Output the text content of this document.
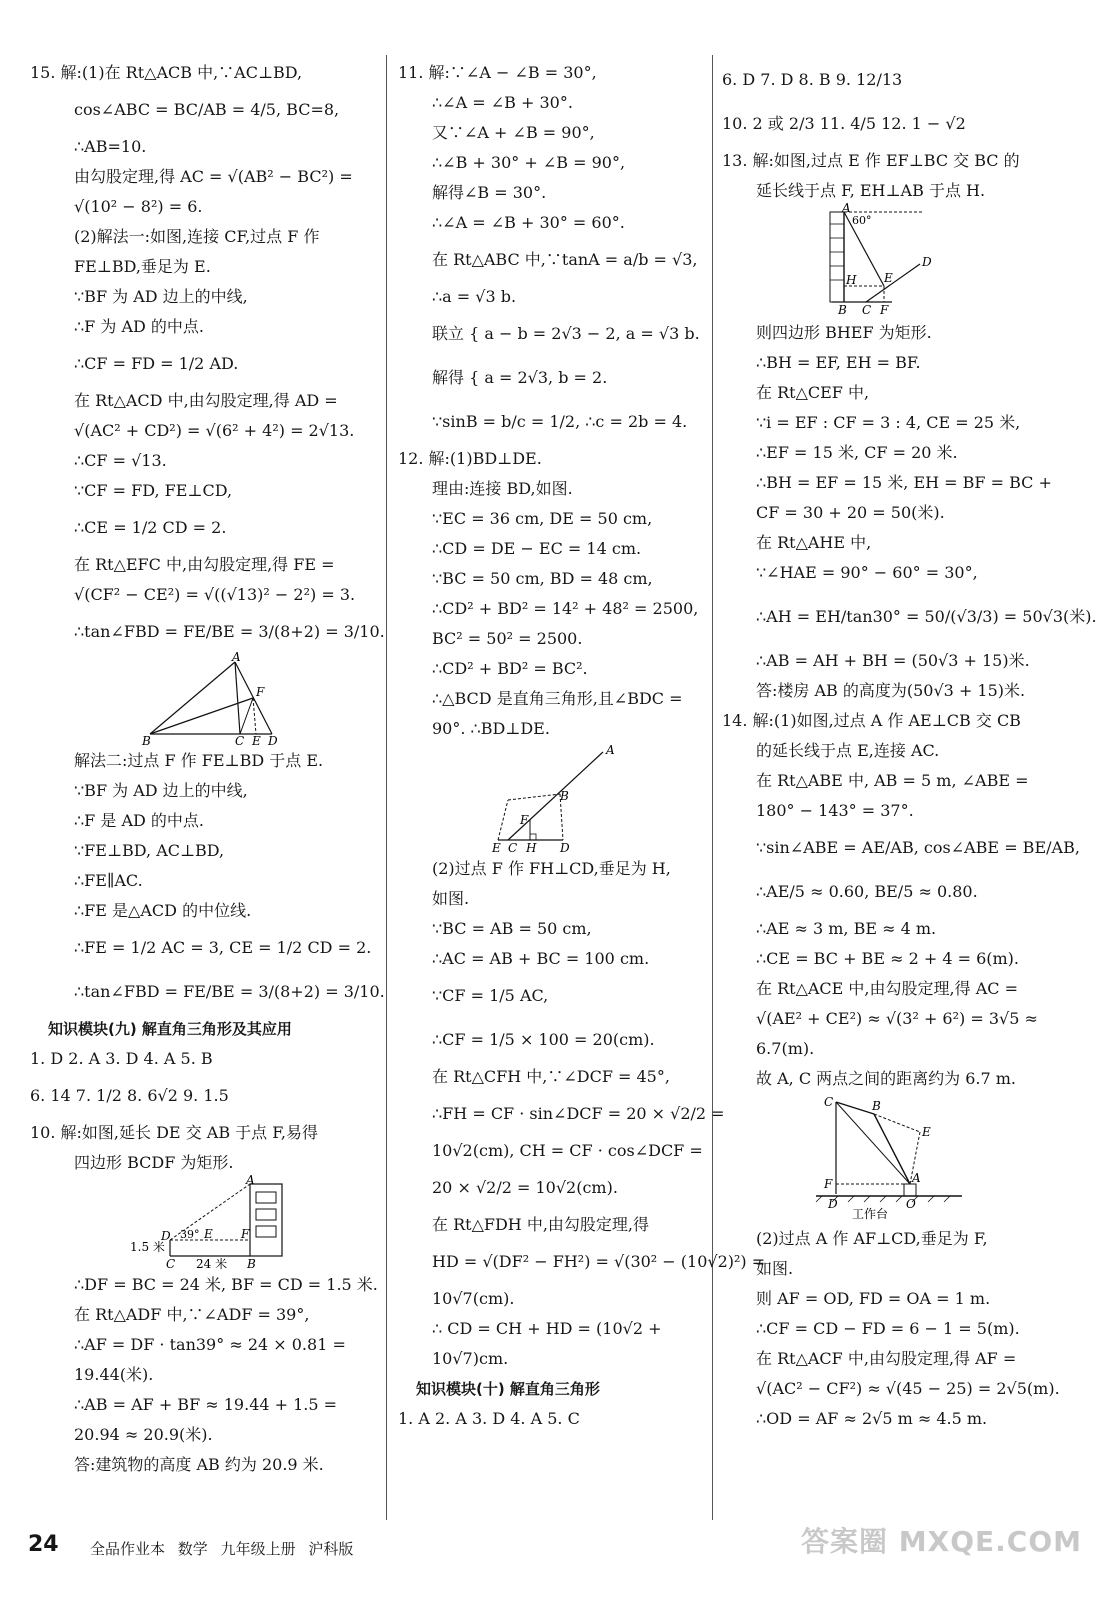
15. 解:(1)在 Rt△ACB 中,∵AC⊥BD,
cos∠ABC = BC/AB = 4/5, BC=8,
∴AB=10.
由勾股定理,得 AC = √(AB² − BC²) =
√(10² − 8²) = 6.
(2)解法一:如图,连接 CF,过点 F 作
FE⊥BD,垂足为 E.
∵BF 为 AD 边上的中线,
∴F 为 AD 的中点.
∴CF = FD = 1/2 AD.
在 Rt△ACD 中,由勾股定理,得 AD =
√(AC² + CD²) = √(6² + 4²) = 2√13.
∴CF = √13.
∵CF = FD, FE⊥CD,
∴CE = 1/2 CD = 2.
在 Rt△EFC 中,由勾股定理,得 FE =
√(CF² − CE²) = √((√13)² − 2²) = 3.
∴tan∠FBD = FE/BE = 3/(8+2) = 3/10.
A
F
B	C E D
解法二:过点 F 作 FE⊥BD 于点 E.
∵BF 为 AD 边上的中线,
∴F 是 AD 的中点.
∵FE⊥BD, AC⊥BD,
∴FE∥AC.
∴FE 是△ACD 的中位线.
∴FE = 1/2 AC = 3, CE = 1/2 CD = 2.
∴tan∠FBD = FE/BE = 3/(8+2) = 3/10.
知识模块(九) 解直角三角形及其应用
1. D 2. A 3. D 4. A 5. B
6. 14 7. 1/2 8. 6√2 9. 1.5
10. 解:如图,延长 DE 交 AB 于点 F,易得
四边形 BCDF 为矩形.
A
D 39°	F
E
1.5 米
C 24 米 B
∴DF = BC = 24 米, BF = CD = 1.5 米.
在 Rt△ADF 中,∵∠ADF = 39°,
∴AF = DF · tan39° ≈ 24 × 0.81 =
19.44(米).
∴AB = AF + BF ≈ 19.44 + 1.5 =
20.94 ≈ 20.9(米).
答:建筑物的高度 AB 约为 20.9 米.
11. 解:∵∠A − ∠B = 30°,
∴∠A = ∠B + 30°.
又∵∠A + ∠B = 90°,
∴∠B + 30° + ∠B = 90°,
解得∠B = 30°.
∴∠A = ∠B + 30° = 60°.
在 Rt△ABC 中,∵tanA = a/b = √3,
∴a = √3 b.
联立 { a − b = 2√3 − 2, a = √3 b.
解得 { a = 2√3, b = 2.
∵sinB = b/c = 1/2, ∴c = 2b = 4.
12. 解:(1)BD⊥DE.
理由:连接 BD,如图.
∵EC = 36 cm, DE = 50 cm,
∴CD = DE − EC = 14 cm.
∵BC = 50 cm, BD = 48 cm,
∴CD² + BD² = 14² + 48² = 2500,
BC² = 50² = 2500.
∴CD² + BD² = BC².
∴△BCD 是直角三角形,且∠BDC =
90°. ∴BD⊥DE.
A
B
F
E C H D
(2)过点 F 作 FH⊥CD,垂足为 H,
如图.
∵BC = AB = 50 cm,
∴AC = AB + BC = 100 cm.
∵CF = 1/5 AC,
∴CF = 1/5 × 100 = 20(cm).
在 Rt△CFH 中,∵∠DCF = 45°,
∴FH = CF · sin∠DCF = 20 × √2/2 =
10√2(cm), CH = CF · cos∠DCF =
20 × √2/2 = 10√2(cm).
在 Rt△FDH 中,由勾股定理,得
HD = √(DF² − FH²) = √(30² − (10√2)²) =
10√7(cm).
∴ CD = CH + HD = (10√2 +
10√7)cm.
知识模块(十) 解直角三角形
1. A 2. A 3. D 4. A 5. C
6. D 7. D 8. B 9. 12/13
10. 2 或 2/3 11. 4/5 12. 1 − √2
13. 解:如图,过点 E 作 EF⊥BC 交 BC 的
延长线于点 F, EH⊥AB 于点 H.
A
60°
H E
D
B C F
则四边形 BHEF 为矩形.
∴BH = EF, EH = BF.
在 Rt△CEF 中,
∵i = EF : CF = 3 : 4, CE = 25 米,
∴EF = 15 米, CF = 20 米.
∴BH = EF = 15 米, EH = BF = BC +
CF = 30 + 20 = 50(米).
在 Rt△AHE 中,
∵∠HAE = 90° − 60° = 30°,
∴AH = EH/tan30° = 50/(√3/3) = 50√3(米).
∴AB = AH + BH = (50√3 + 15)米.
答:楼房 AB 的高度为(50√3 + 15)米.
14. 解:(1)如图,过点 A 作 AE⊥CB 交 CB
的延长线于点 E,连接 AC.
在 Rt△ABE 中, AB = 5 m, ∠ABE =
180° − 143° = 37°.
∵sin∠ABE = AE/AB, cos∠ABE = BE/AB,
∴AE/5 ≈ 0.60, BE/5 ≈ 0.80.
∴AE ≈ 3 m, BE ≈ 4 m.
∴CE = BC + BE ≈ 2 + 4 = 6(m).
在 Rt△ACE 中,由勾股定理,得 AC =
√(AE² + CE²) ≈ √(3² + 6²) = 3√5 ≈
6.7(m).
故 A, C 两点之间的距离约为 6.7 m.
C	B
E
F	A
D	O
工作台
(2)过点 A 作 AF⊥CD,垂足为 F,
如图.
则 AF = OD, FD = OA = 1 m.
∴CF = CD − FD = 6 − 1 = 5(m).
在 Rt△ACF 中,由勾股定理,得 AF =
√(AC² − CF²) ≈ √(45 − 25) = 2√5(m).
∴OD = AF ≈ 2√5 m ≈ 4.5 m.
24 全品作业本 数学 九年级上册 沪科版	答案圈 MXQE.COM
